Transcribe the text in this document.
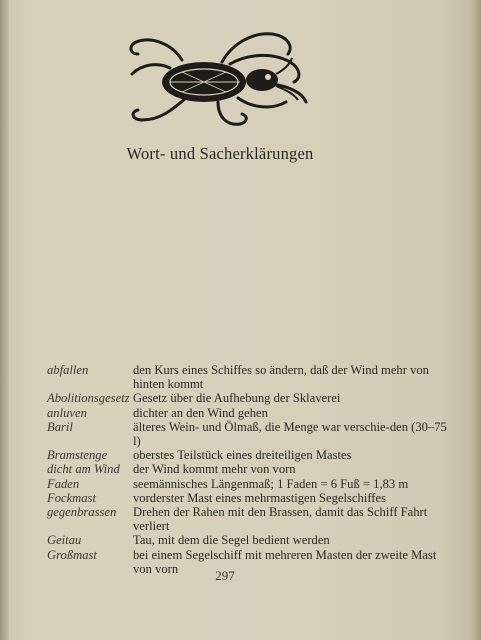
Wort- und Sacherklärungen
abfallen	den Kurs eines Schiffes so ändern, daß der Wind mehr von hinten kommt
Abolitionsgesetz Gesetz über die Aufhebung der Sklaverei
anluven	dichter an den Wind gehen
Baril	älteres Wein- und Ölmaß, die Menge war verschie-den (30–75 l)
Bramstenge	oberstes Teilstück eines dreiteiligen Mastes
dicht am Wind	der Wind kommt mehr von vorn
Faden	seemännisches Längenmaß; 1 Faden = 6 Fuß = 1,83 m
Fockmast	vorderster Mast eines mehrmastigen Segelschiffes
gegenbrassen	Drehen der Rahen mit den Brassen, damit das Schiff Fahrt verliert
Geitau	Tau, mit dem die Segel bedient werden
Großmast	bei einem Segelschiff mit mehreren Masten der zweite Mast von vorn	297
